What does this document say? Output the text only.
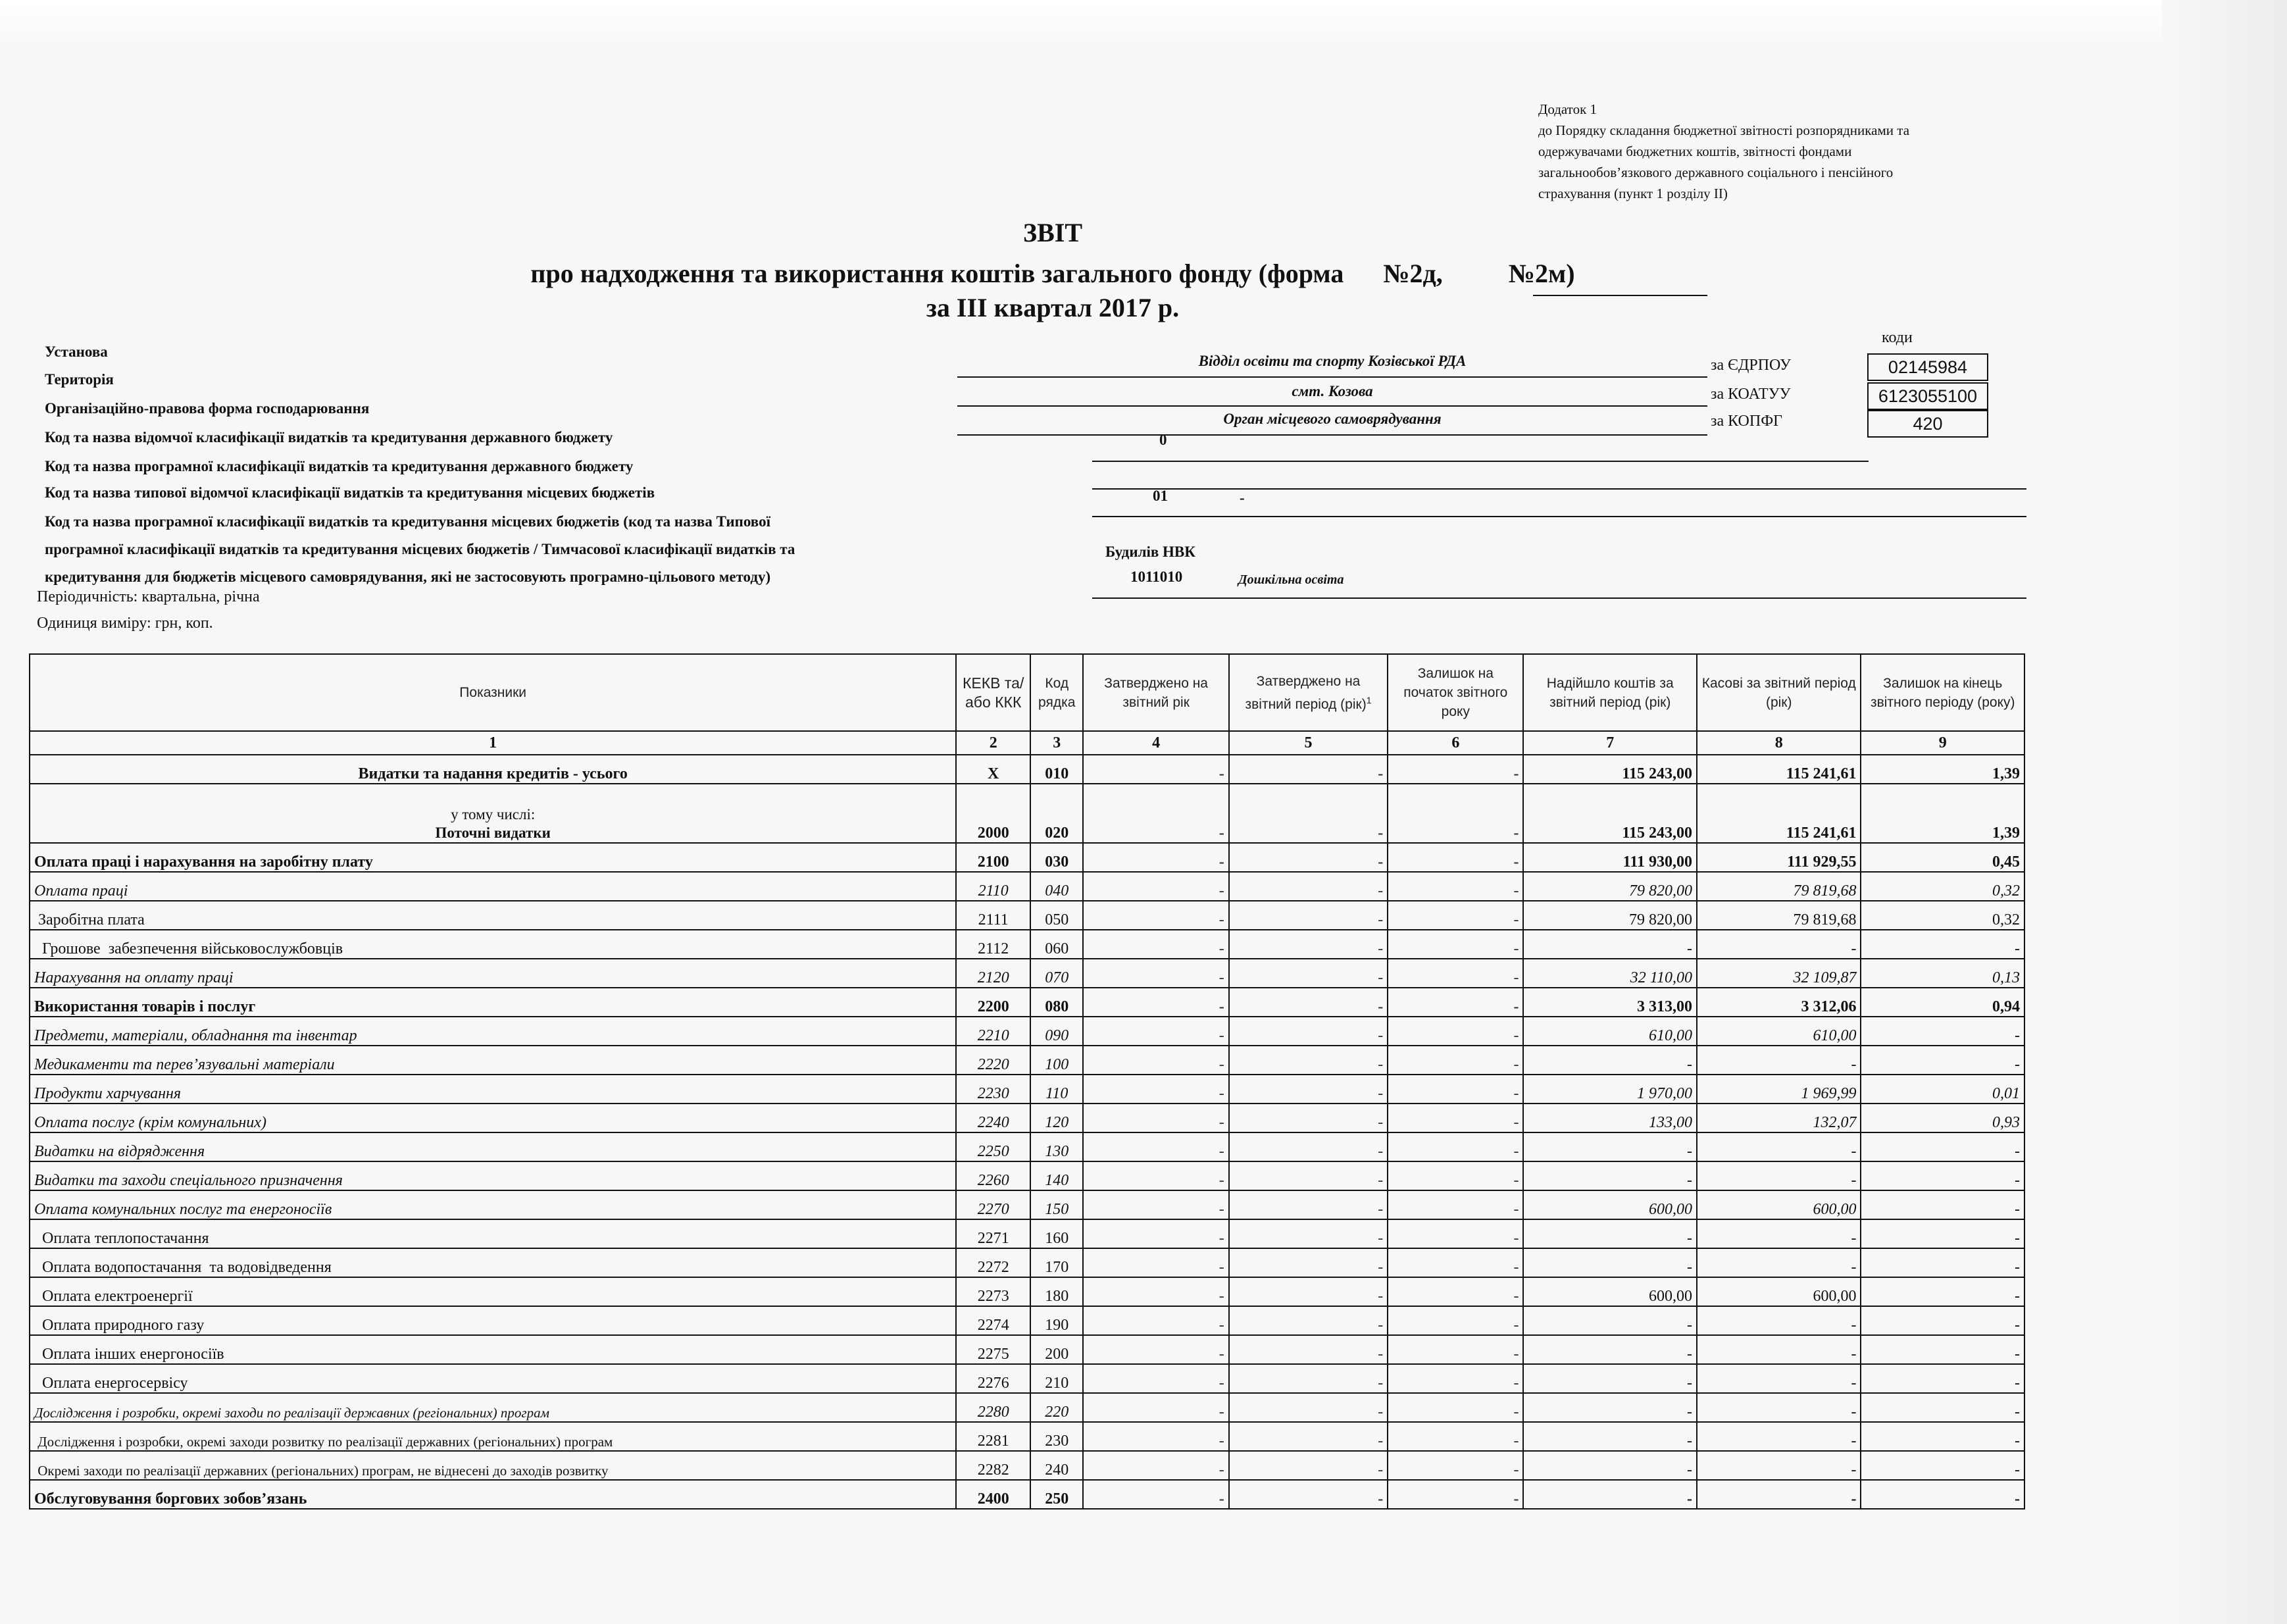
Додаток 1
до Порядку складання бюджетної звітності розпорядниками та
одержувачами бюджетних коштів, звітності фондами
загальнообов’язкового державного соціального і пенсійного
страхування (пункт 1 розділу II)
ЗВІТ
про надходження та використання коштів загального фонду (форма      №2д,          №2м)
за III квартал 2017 р.
коди
Установа
Відділ освіти та спорту Козівської РДА	за ЄДРПОУ	02145984
Територія
смт. Козова	за КОАТУУ	6123055100
Організаційно-правова форма господарювання
Орган місцевого самоврядування	за КОПФГ	420
Код та назва відомчої класифікації видатків та кредитування державного бюджету	0
Код та назва програмної класифікації видатків та кредитування державного бюджету
Код та назва типової відомчої класифікації видатків та кредитування місцевих бюджетів	01	-
Код та назва програмної класифікації видатків та кредитування місцевих бюджетів (код та назва Типової
програмної класифікації видатків та кредитування місцевих бюджетів / Тимчасової класифікації видатків та
кредитування для бюджетів місцевого самоврядування, які не застосовують програмно-цільового методу)
Будилів НВК
1011010	Дошкільна освіта
Періодичність: квартальна, річна
Одиниця виміру: грн, коп.
Показники	КЕКВ та/або ККК	Код рядка	Затверджено на звітний рік	Затверджено на звітний період (рік)$^1$	Залишок на початок звітного року	Надійшло коштів за звітний період (рік)	Касові за звітний період (рік)	Залишок на кінець звітного періоду (року)
1	2	3	4	5	6	7	8	9
Видатки та надання кредитів - усього	X	010	-	-	-	115 243,00	115 241,61	1,39

у тому числі:
Поточні видатки	2000	020	-	-	-	115 243,00	115 241,61	1,39
Оплата праці і нарахування на заробітну плату	2100	030	-	-	-	111 930,00	111 929,55	0,45
Оплата праці	2110	040	-	-	-	79 820,00	79 819,68	0,32
Заробітна плата	2111	050	-	-	-	79 820,00	79 819,68	0,32
Грошове  забезпечення військовослужбовців	2112	060	-	-	-	-	-	-
Нарахування на оплату праці	2120	070	-	-	-	32 110,00	32 109,87	0,13
Використання товарів і послуг	2200	080	-	-	-	3 313,00	3 312,06	0,94
Предмети, матеріали, обладнання та інвентар	2210	090	-	-	-	610,00	610,00	-
Медикаменти та перев’язувальні матеріали	2220	100	-	-	-	-	-	-
Продукти харчування	2230	110	-	-	-	1 970,00	1 969,99	0,01
Оплата послуг (крім комунальних)	2240	120	-	-	-	133,00	132,07	0,93
Видатки на відрядження	2250	130	-	-	-	-	-	-
Видатки та заходи спеціального призначення	2260	140	-	-	-	-	-	-
Оплата комунальних послуг та енергоносіїв	2270	150	-	-	-	600,00	600,00	-
Оплата теплопостачання	2271	160	-	-	-	-	-	-
Оплата водопостачання  та водовідведення	2272	170	-	-	-	-	-	-
Оплата електроенергії	2273	180	-	-	-	600,00	600,00	-
Оплата природного газу	2274	190	-	-	-	-	-	-
Оплата інших енергоносіїв	2275	200	-	-	-	-	-	-
Оплата енергосервісу	2276	210	-	-	-	-	-	-
Дослідження і розробки, окремі заходи по реалізації державних (регіональних) програм	2280	220	-	-	-	-	-	-
Дослідження і розробки, окремі заходи розвитку по реалізації державних (регіональних) програм	2281	230	-	-	-	-	-	-
Окремі заходи по реалізації державних (регіональних) програм, не віднесені до заходів розвитку	2282	240	-	-	-	-	-	-
Обслуговування боргових зобов’язань	2400	250	-	-	-	-	-	-
